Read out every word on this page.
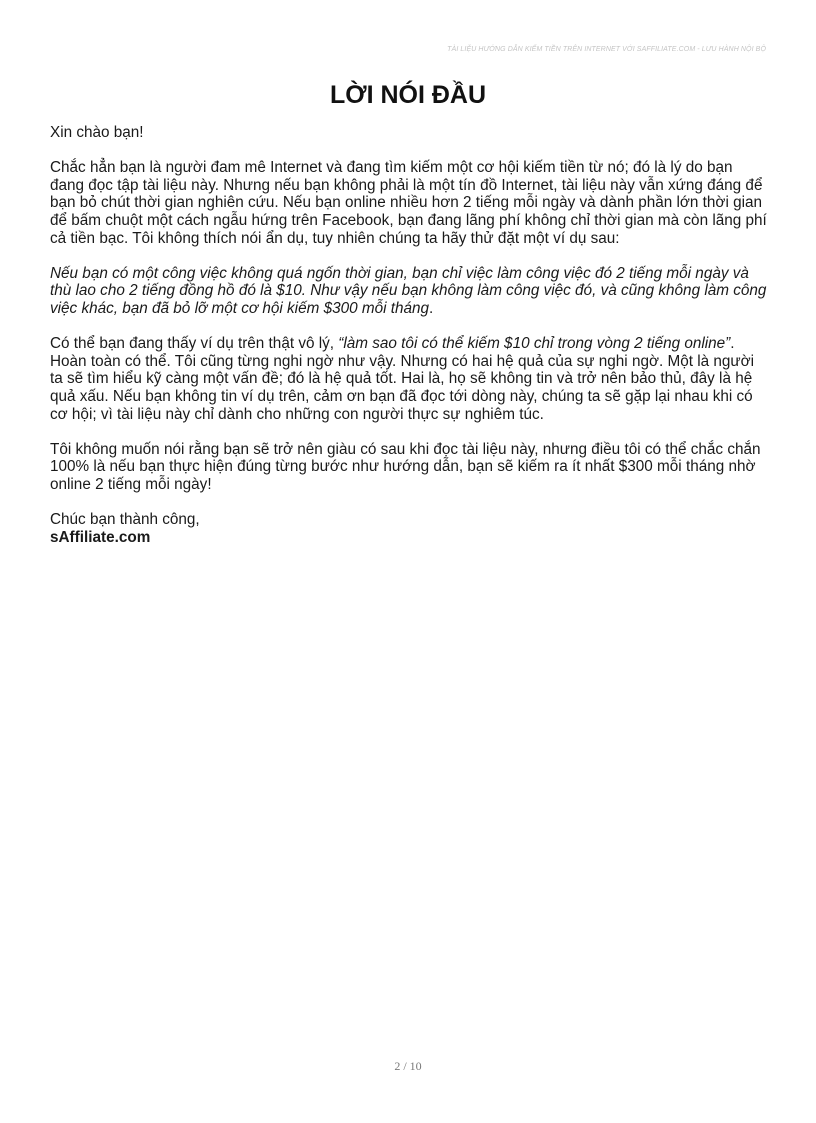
TÀI LIỆU HƯỚNG DẪN KIẾM TIỀN TRÊN INTERNET VỚI SAFFILIATE.COM - LƯU HÀNH NỘI BỘ
LỜI NÓI ĐẦU

Xin chào bạn!

Chắc hẳn bạn là người đam mê Internet và đang tìm kiếm một cơ hội kiếm tiền từ nó; đó là lý do bạn đang đọc tập tài liệu này. Nhưng nếu bạn không phải là một tín đồ Internet, tài liệu này vẫn xứng đáng để bạn bỏ chút thời gian nghiên cứu. Nếu bạn online nhiều hơn 2 tiếng mỗi ngày và dành phần lớn thời gian để bấm chuột một cách ngẫu hứng trên Facebook, bạn đang lãng phí không chỉ thời gian mà còn lãng phí cả tiền bạc. Tôi không thích nói ẩn dụ, tuy nhiên chúng ta hãy thử đặt một ví dụ sau:

Nếu bạn có một công việc không quá ngốn thời gian, bạn chỉ việc làm công việc đó 2 tiếng mỗi ngày và thù lao cho 2 tiếng đồng hồ đó là $10. Như vậy nếu bạn không làm công việc đó, và cũng không làm công việc khác, bạn đã bỏ lỡ một cơ hội kiếm $300 mỗi tháng.

Có thể bạn đang thấy ví dụ trên thật vô lý, “làm sao tôi có thể kiếm $10 chỉ trong vòng 2 tiếng online”. Hoàn toàn có thể. Tôi cũng từng nghi ngờ như vậy. Nhưng có hai hệ quả của sự nghi ngờ. Một là người ta sẽ tìm hiểu kỹ càng một vấn đề; đó là hệ quả tốt. Hai là, họ sẽ không tin và trở nên bảo thủ, đây là hệ quả xấu. Nếu bạn không tin ví dụ trên, cảm ơn bạn đã đọc tới dòng này, chúng ta sẽ gặp lại nhau khi có cơ hội; vì tài liệu này chỉ dành cho những con người thực sự nghiêm túc.

Tôi không muốn nói rằng bạn sẽ trở nên giàu có sau khi đọc tài liệu này, nhưng điều tôi có thể chắc chắn 100% là nếu bạn thực hiện đúng từng bước như hướng dẫn, bạn sẽ kiếm ra ít nhất $300 mỗi tháng nhờ online 2 tiếng mỗi ngày!

Chúc bạn thành công,
sAffiliate.com

2 / 10
